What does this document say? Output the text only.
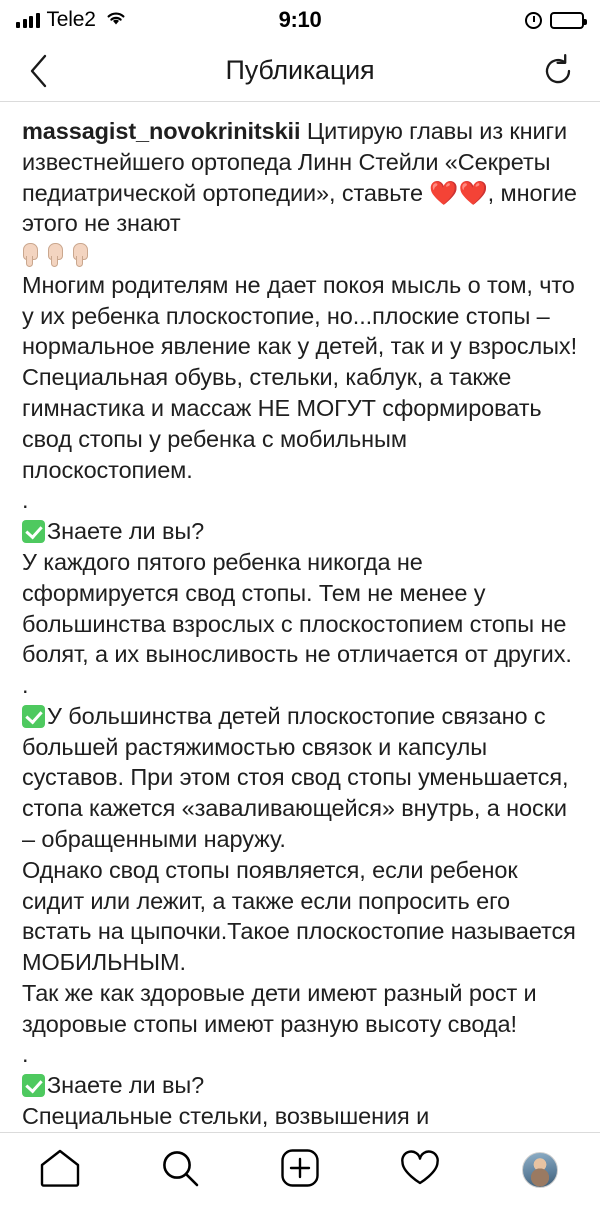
Tele2	9:10
Публикация

massagist_novokrinitskii Цитирую главы из книги известнейшего ортопеда Линн Стейли «Секреты педиатрической ортопедии», ставьте ❤️❤️, многие этого не знают

Многим родителям не дает покоя мысль о том, что у их ребенка плоскостопие, но...плоские стопы – нормальное явление как у детей, так и у взрослых! Специальная обувь, стельки, каблук, а также гимнастика и массаж НЕ МОГУТ сформировать свод стопы у ребенка с мобильным плоскостопием.

.

Знаете ли вы?

У каждого пятого ребенка никогда не сформируется свод стопы. Тем не менее у большинства взрослых с плоскостопием стопы не болят, а их выносливость не отличается от других.

.

У большинства детей плоскостопие связано с большей растяжимостью связок и капсулы суставов. При этом стоя свод стопы уменьшается, стопа кажется «заваливающейся» внутрь, а носки – обращенными наружу.

Однако свод стопы появляется, если ребенок сидит или лежит, а также если попросить его встать на цыпочки.Такое плоскостопие называется МОБИЛЬНЫМ.

Так же как здоровые дети имеют разный рост и здоровые стопы имеют разную высоту свода!

.

Знаете ли вы?

Специальные стельки, возвышения и
